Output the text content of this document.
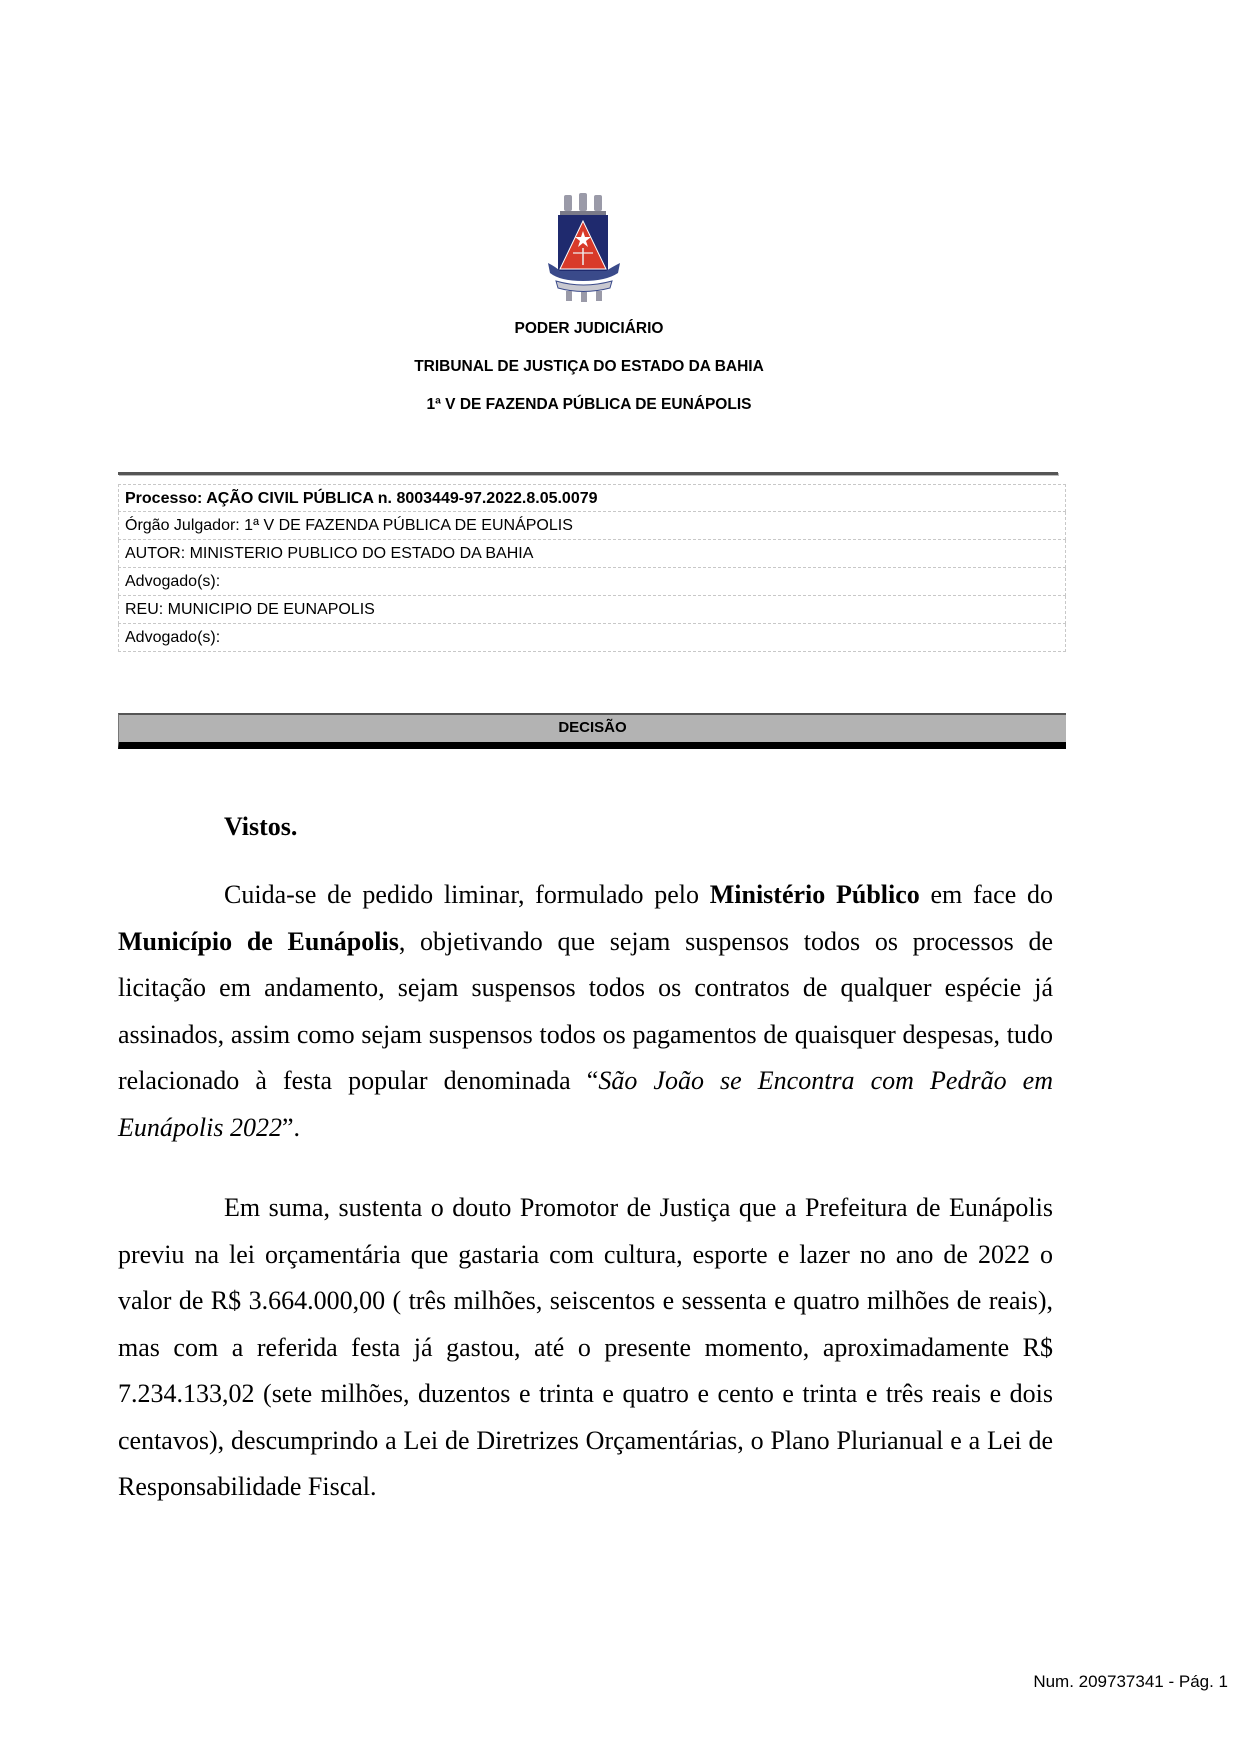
PODER JUDICIÁRIO
TRIBUNAL DE JUSTIÇA DO ESTADO DA BAHIA
1ª V DE FAZENDA PÚBLICA DE EUNÁPOLIS
Processo: AÇÃO CIVIL PÚBLICA n. 8003449-97.2022.8.05.0079
Órgão Julgador: 1ª V DE FAZENDA PÚBLICA DE EUNÁPOLIS
AUTOR: MINISTERIO PUBLICO DO ESTADO DA BAHIA
Advogado(s):
REU: MUNICIPIO DE EUNAPOLIS
Advogado(s):
DECISÃO
Vistos.

Cuida-se de pedido liminar, formulado pelo Ministério Público em face do Município de Eunápolis, objetivando que sejam suspensos todos os processos de licitação em andamento, sejam suspensos todos os contratos de qualquer espécie já assinados, assim como sejam suspensos todos os pagamentos de quaisquer despesas, tudo relacionado à festa popular denominada “São João se Encontra com Pedrão em Eunápolis 2022”.

Em suma, sustenta o douto Promotor de Justiça que a Prefeitura de Eunápolis previu na lei orçamentária que gastaria com cultura, esporte e lazer no ano de 2022 o valor de R$ 3.664.000,00 ( três milhões, seiscentos e sessenta e quatro milhões de reais), mas com a referida festa já gastou, até o presente momento, aproximadamente R$ 7.234.133,02 (sete milhões, duzentos e trinta e quatro e cento e trinta e três reais e dois centavos), descumprindo a Lei de Diretrizes Orçamentárias, o Plano Plurianual e a Lei de Responsabilidade Fiscal.

Num. 209737341 - Pág. 1
